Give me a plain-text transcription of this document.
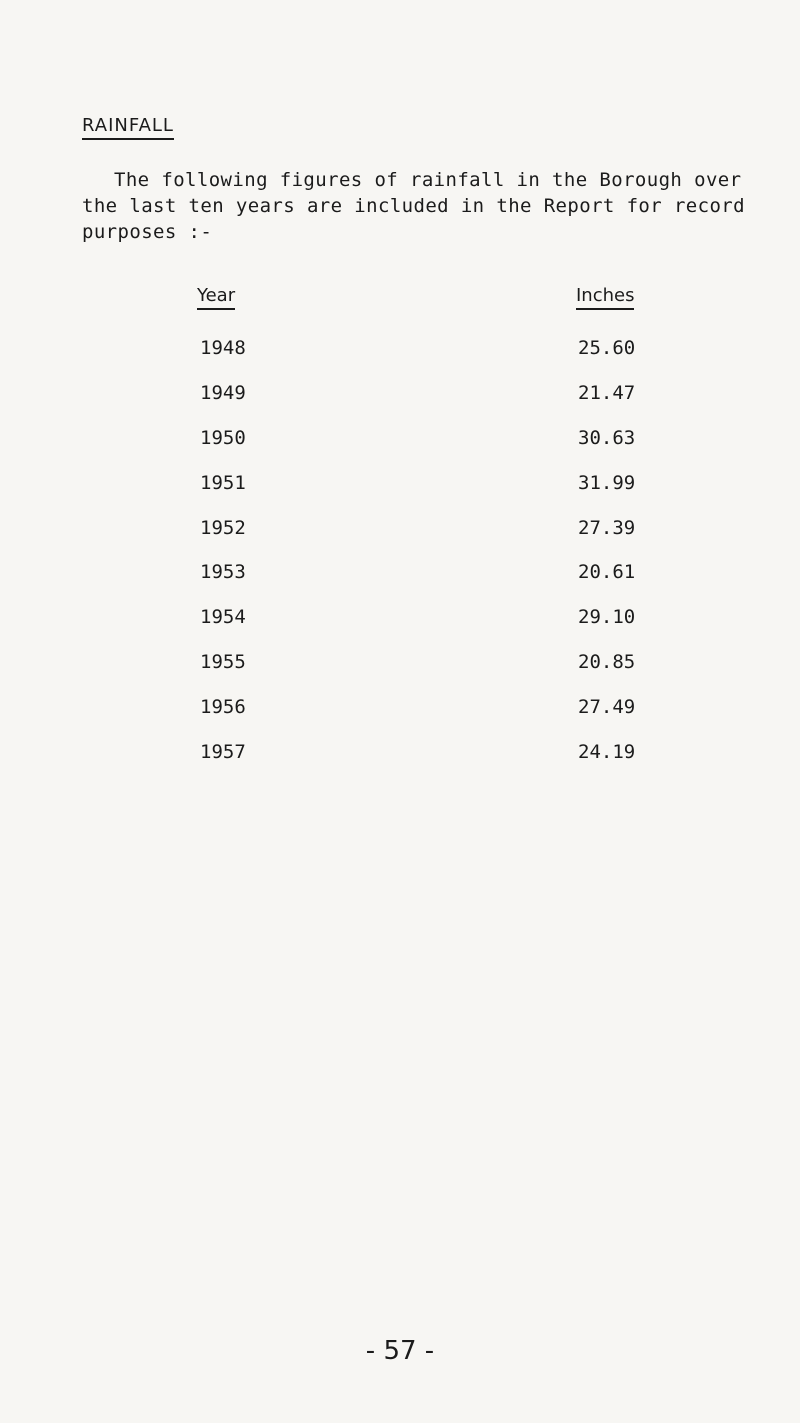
RAINFALL
The following figures of rainfall in the Borough over
the last ten years are included in the Report for record
purposes :-
Year	Inches
1948	25.60
1949	21.47
1950	30.63
1951	31.99
1952	27.39
1953	20.61
1954	29.10
1955	20.85
1956	27.49
1957	24.19
- 57 -
